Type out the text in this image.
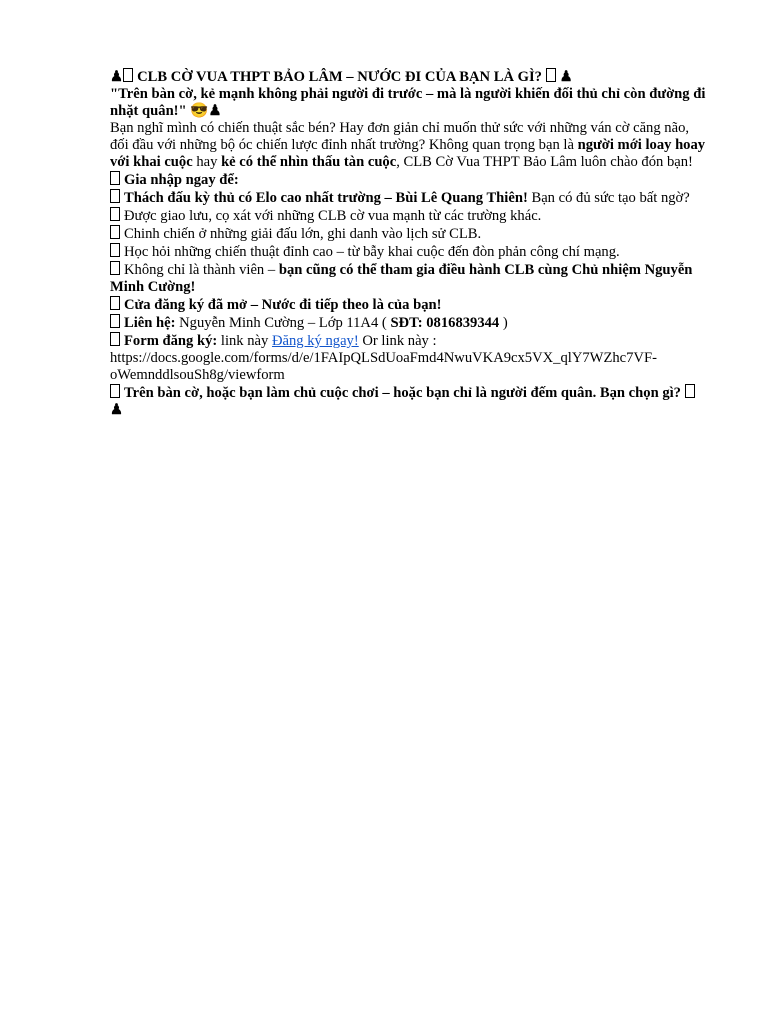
♟ CLB CỜ VUA THPT BẢO LÂM – NƯỚC ĐI CỦA BẠN LÀ GÌ? ♟

"Trên bàn cờ, kẻ mạnh không phải người đi trước – mà là người khiến đối thủ chỉ còn đường đi nhặt quân!" 😎♟

Bạn nghĩ mình có chiến thuật sắc bén? Hay đơn giản chỉ muốn thử sức với những ván cờ căng não, đối đầu với những bộ óc chiến lược đỉnh nhất trường? Không quan trọng bạn là người mới loay hoay với khai cuộc hay kẻ có thể nhìn thấu tàn cuộc, CLB Cờ Vua THPT Bảo Lâm luôn chào đón bạn!

Gia nhập ngay để:

Thách đấu kỳ thủ có Elo cao nhất trường – Bùi Lê Quang Thiên! Bạn có đủ sức tạo bất ngờ?

Được giao lưu, cọ xát với những CLB cờ vua mạnh từ các trường khác.

Chinh chiến ở những giải đấu lớn, ghi danh vào lịch sử CLB.

Học hỏi những chiến thuật đỉnh cao – từ bẫy khai cuộc đến đòn phản công chí mạng.

Không chỉ là thành viên – bạn cũng có thể tham gia điều hành CLB cùng Chủ nhiệm Nguyễn Minh Cường!

Cửa đăng ký đã mở – Nước đi tiếp theo là của bạn!

Liên hệ: Nguyễn Minh Cường – Lớp 11A4 ( SĐT: 0816839344 )

Form đăng ký: link này Đăng ký ngay! Or link này : https://docs.google.com/forms/d/e/1FAIpQLSdUoaFmd4NwuVKA9cx5VX_qlY7WZhc7VF-oWemnddlsouSh8g/viewform

Trên bàn cờ, hoặc bạn làm chủ cuộc chơi – hoặc bạn chỉ là người đếm quân. Bạn chọn gì? ♟
